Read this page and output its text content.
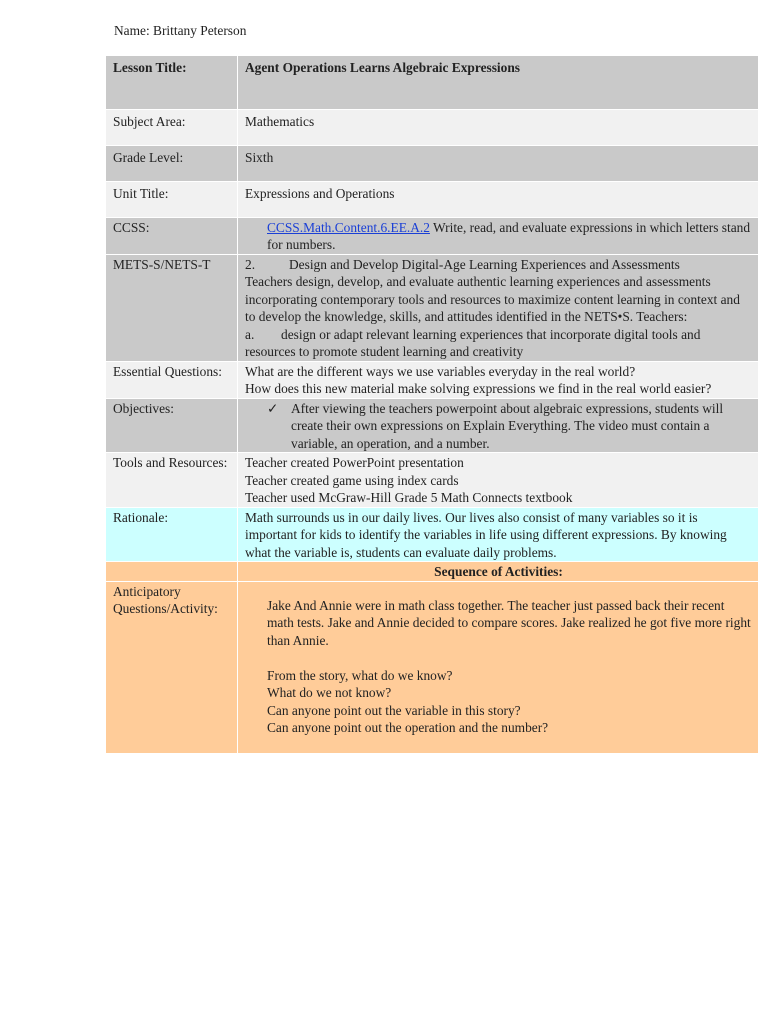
Name: Brittany Peterson
Lesson Title:	Agent Operations Learns Algebraic Expressions
Subject Area:	Mathematics
Grade Level:	Sixth
Unit Title:	Expressions and Operations
CCSS:	CCSS.Math.Content.6.EE.A.2 Write, read, and evaluate expressions in which letters stand for numbers.

METS-S/NETS-T	2. Design and Develop Digital-Age Learning Experiences and Assessments
Teachers design, develop, and evaluate authentic learning experiences and assessments incorporating contemporary tools and resources to maximize content learning in context and to develop the knowledge, skills, and attitudes identified in the NETS•S. Teachers:
a. design or adapt relevant learning experiences that incorporate digital tools and resources to promote student learning and creativity
Essential Questions:	What are the different ways we use variables everyday in the real world?
How does this new material make solving expressions we find in the real world easier?

Objectives:	✓ After viewing the teachers powerpoint about algebraic expressions, students will create their own expressions on Explain Everything. The video must contain a variable, an operation, and a number.

Tools and Resources:	Teacher created PowerPoint presentation
Teacher created game using index cards
Teacher used McGraw-Hill Grade 5 Math Connects textbook

Rationale:	Math surrounds us in our daily lives. Our lives also consist of many variables so it is important for kids to identify the variables in life using different expressions. By knowing what the variable is, students can evaluate daily problems.
	Sequence of Activities:
Anticipatory Questions/Activity:	Jake And Annie were in math class together. The teacher just passed back their recent math tests. Jake and Annie decided to compare scores. Jake realized he got five more right than Annie.
From the story, what do we know?
What do we not know?
Can anyone point out the variable in this story?
Can anyone point out the operation and the number?
